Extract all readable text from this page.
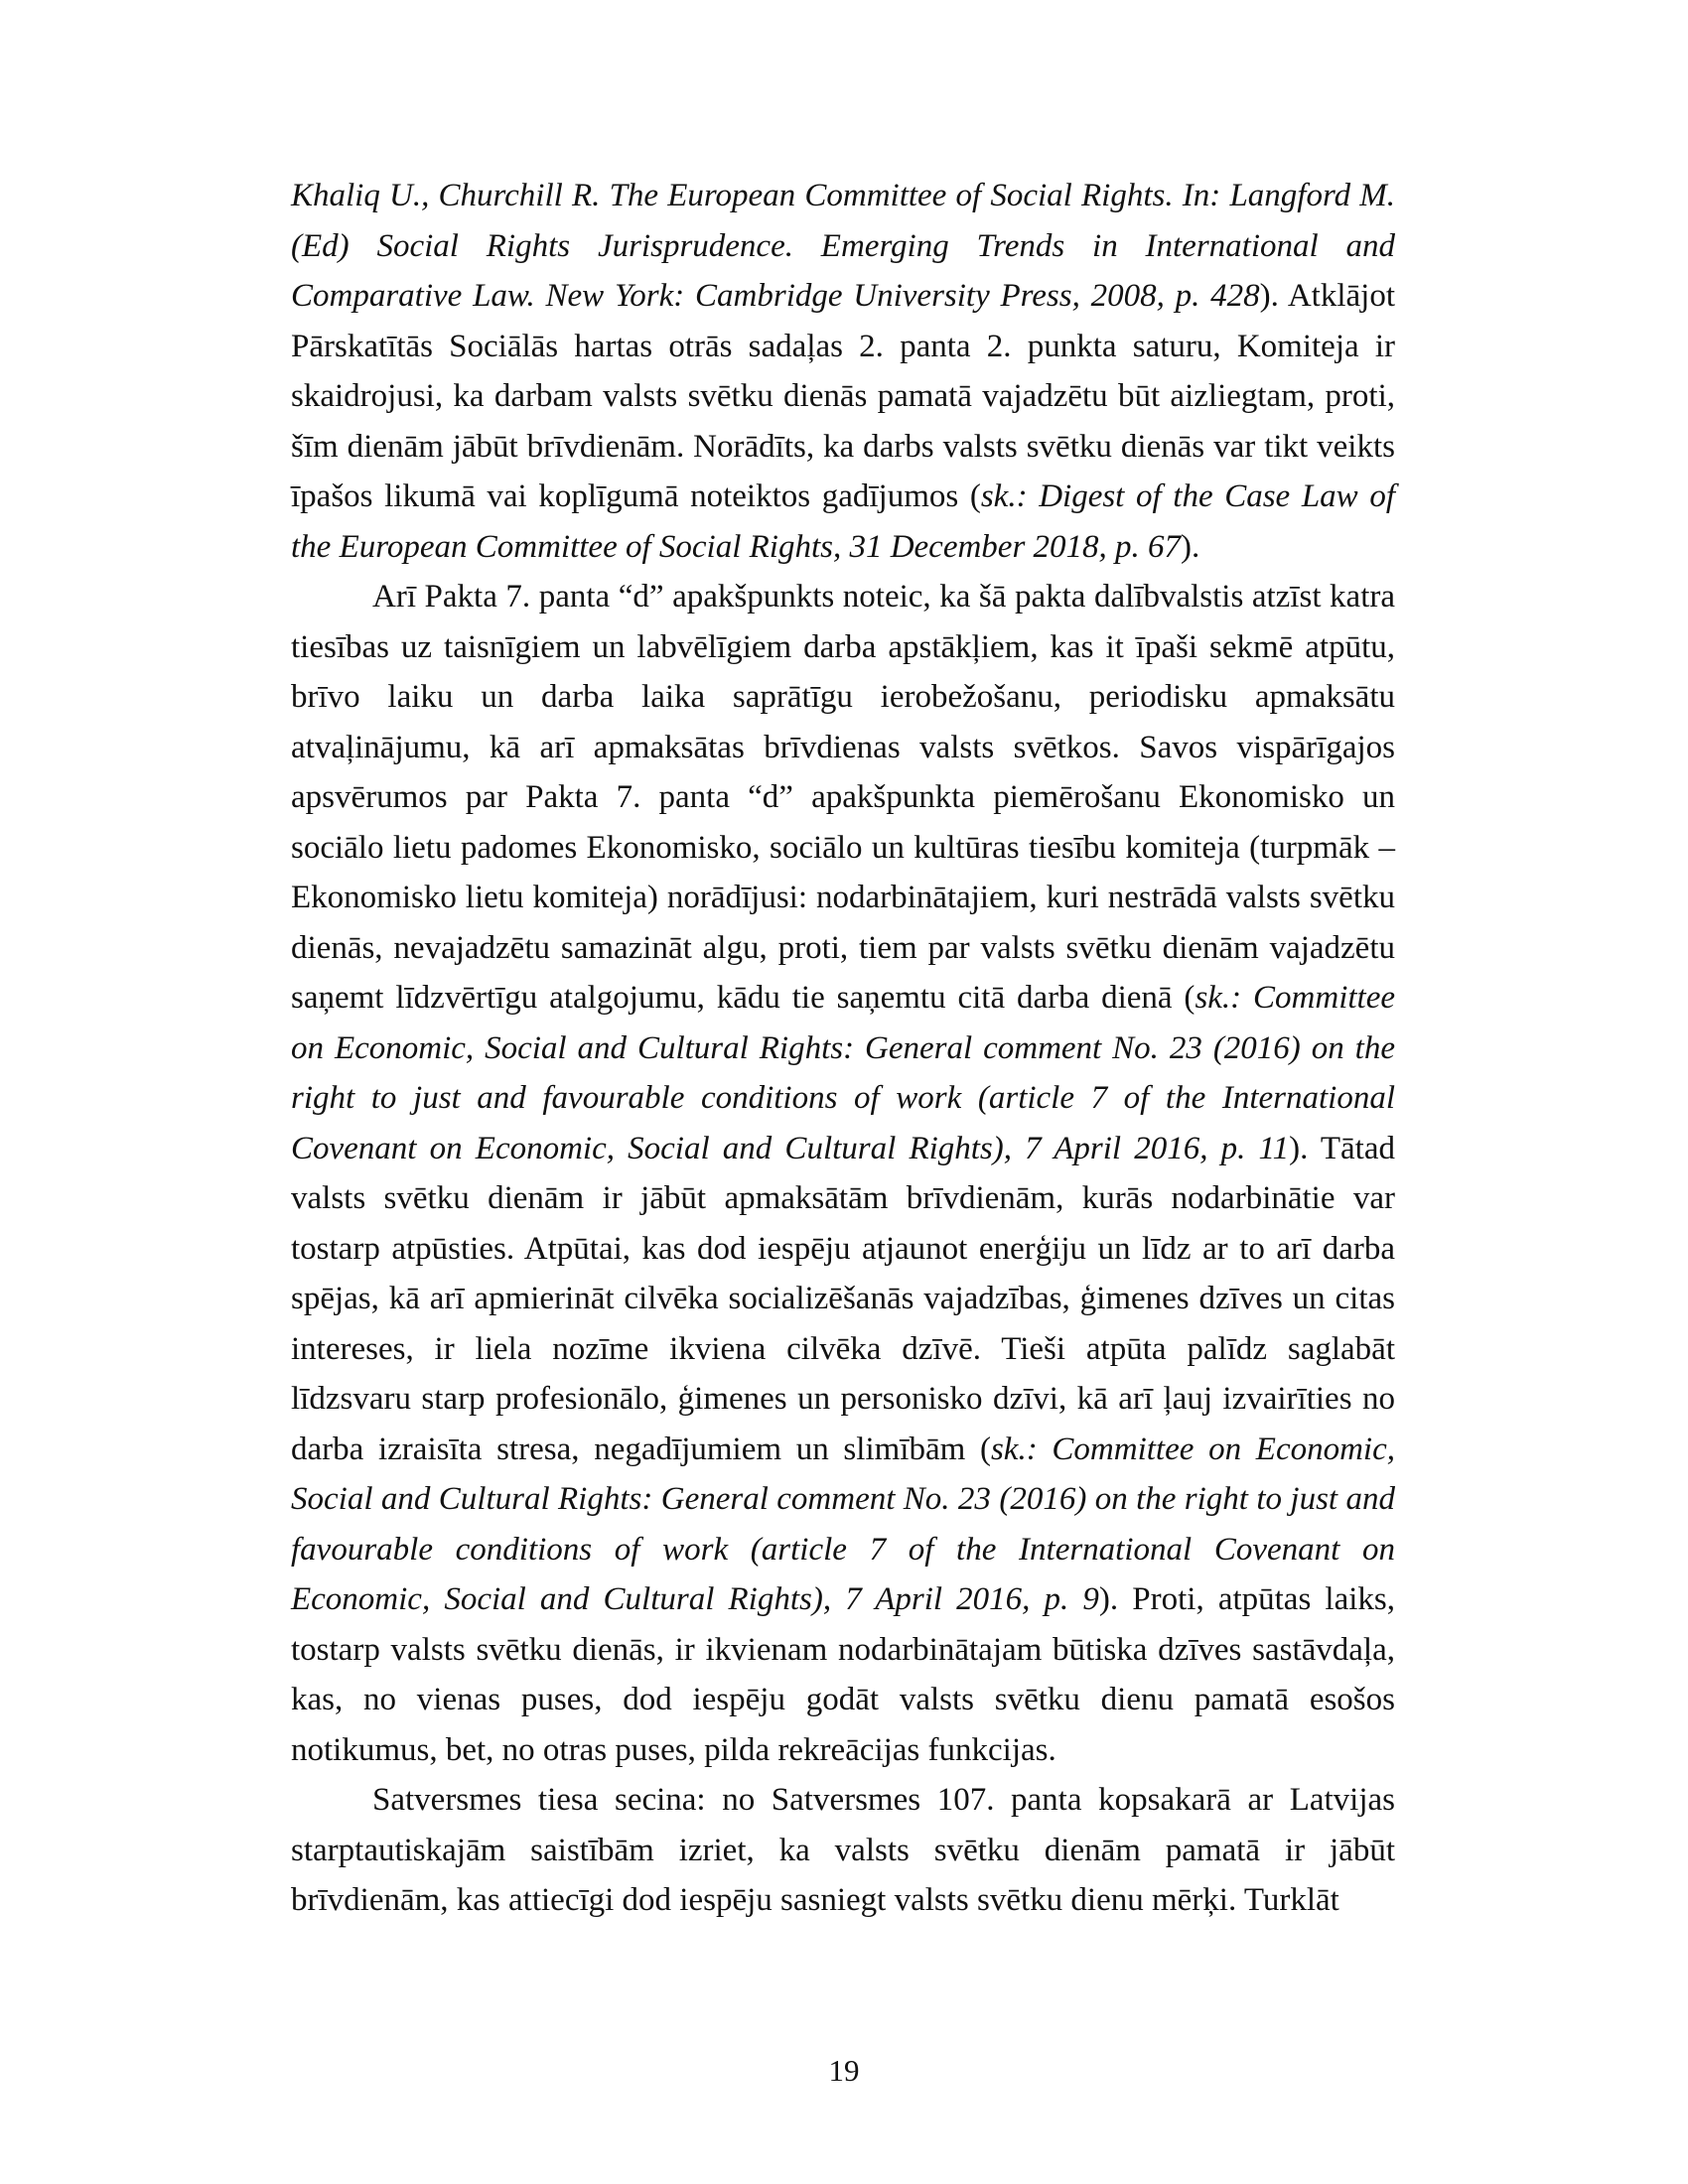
Khaliq U., Churchill R. The European Committee of Social Rights. In: Langford M. (Ed) Social Rights Jurisprudence. Emerging Trends in International and Comparative Law. New York: Cambridge University Press, 2008, p. 428). Atklājot Pārskatītās Sociālās hartas otrās sadaļas 2. panta 2. punkta saturu, Komiteja ir skaidrojusi, ka darbam valsts svētku dienās pamatā vajadzētu būt aizliegtam, proti, šīm dienām jābūt brīvdienām. Norādīts, ka darbs valsts svētku dienās var tikt veikts īpašos likumā vai koplīgumā noteiktos gadījumos (sk.: Digest of the Case Law of the European Committee of Social Rights, 31 December 2018, p. 67).

Arī Pakta 7. panta “d” apakšpunkts noteic, ka šā pakta dalībvalstis atzīst katra tiesības uz taisnīgiem un labvēlīgiem darba apstākļiem, kas it īpaši sekmē atpūtu, brīvo laiku un darba laika saprātīgu ierobežošanu, periodisku apmaksātu atvaļinājumu, kā arī apmaksātas brīvdienas valsts svētkos. Savos vispārīgajos apsvērumos par Pakta 7. panta “d” apakšpunkta piemērošanu Ekonomisko un sociālo lietu padomes Ekonomisko, sociālo un kultūras tiesību komiteja (turpmāk – Ekonomisko lietu komiteja) norādījusi: nodarbinātajiem, kuri nestrādā valsts svētku dienās, nevajadzētu samazināt algu, proti, tiem par valsts svētku dienām vajadzētu saņemt līdzvērtīgu atalgojumu, kādu tie saņemtu citā darba dienā (sk.: Committee on Economic, Social and Cultural Rights: General comment No. 23 (2016) on the right to just and favourable conditions of work (article 7 of the International Covenant on Economic, Social and Cultural Rights), 7 April 2016, p. 11). Tātad valsts svētku dienām ir jābūt apmaksātām brīvdienām, kurās nodarbinātie var tostarp atpūsties. Atpūtai, kas dod iespēju atjaunot enerģiju un līdz ar to arī darba spējas, kā arī apmierināt cilvēka socializēšanās vajadzības, ģimenes dzīves un citas intereses, ir liela nozīme ikviena cilvēka dzīvē. Tieši atpūta palīdz saglabāt līdzsvaru starp profesionālo, ģimenes un personisko dzīvi, kā arī ļauj izvairīties no darba izraisīta stresa, negadījumiem un slimībām (sk.: Committee on Economic, Social and Cultural Rights: General comment No. 23 (2016) on the right to just and favourable conditions of work (article 7 of the International Covenant on Economic, Social and Cultural Rights), 7 April 2016, p. 9). Proti, atpūtas laiks, tostarp valsts svētku dienās, ir ikvienam nodarbinātajam būtiska dzīves sastāvdaļa, kas, no vienas puses, dod iespēju godāt valsts svētku dienu pamatā esošos notikumus, bet, no otras puses, pilda rekreācijas funkcijas.

Satversmes tiesa secina: no Satversmes 107. panta kopsakarā ar Latvijas starptautiskajām saistībām izriet, ka valsts svētku dienām pamatā ir jābūt brīvdienām, kas attiecīgi dod iespēju sasniegt valsts svētku dienu mērķi. Turklāt

19
